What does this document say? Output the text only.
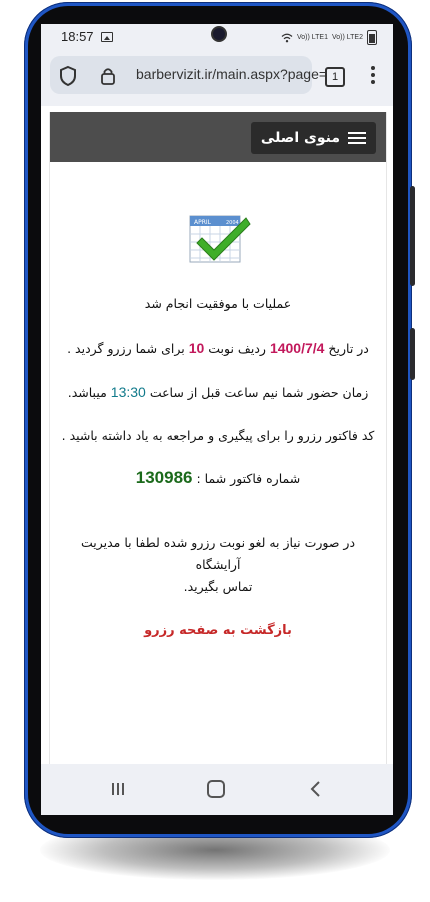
18:57	Vo)) LTE1 Vo)) LTE2
barbervizit.ir/main.aspx?page= 1
منوی اصلی
APRIL	2004
عملیات با موفقیت انجام شد
در تاریخ 1400/7/4 ردیف نوبت 10 برای شما رزرو گردید .
زمان حضور شما نیم ساعت قبل از ساعت 13:30 میباشد.
کد فاکتور رزرو را برای پیگیری و مراجعه به یاد داشته باشید .
شماره فاکتور شما : 130986
در صورت نیاز به لغو نوبت رزرو شده لطفا با مدیریت آرایشگاه
تماس بگیرید.
بازگشت به صفحه رزرو
